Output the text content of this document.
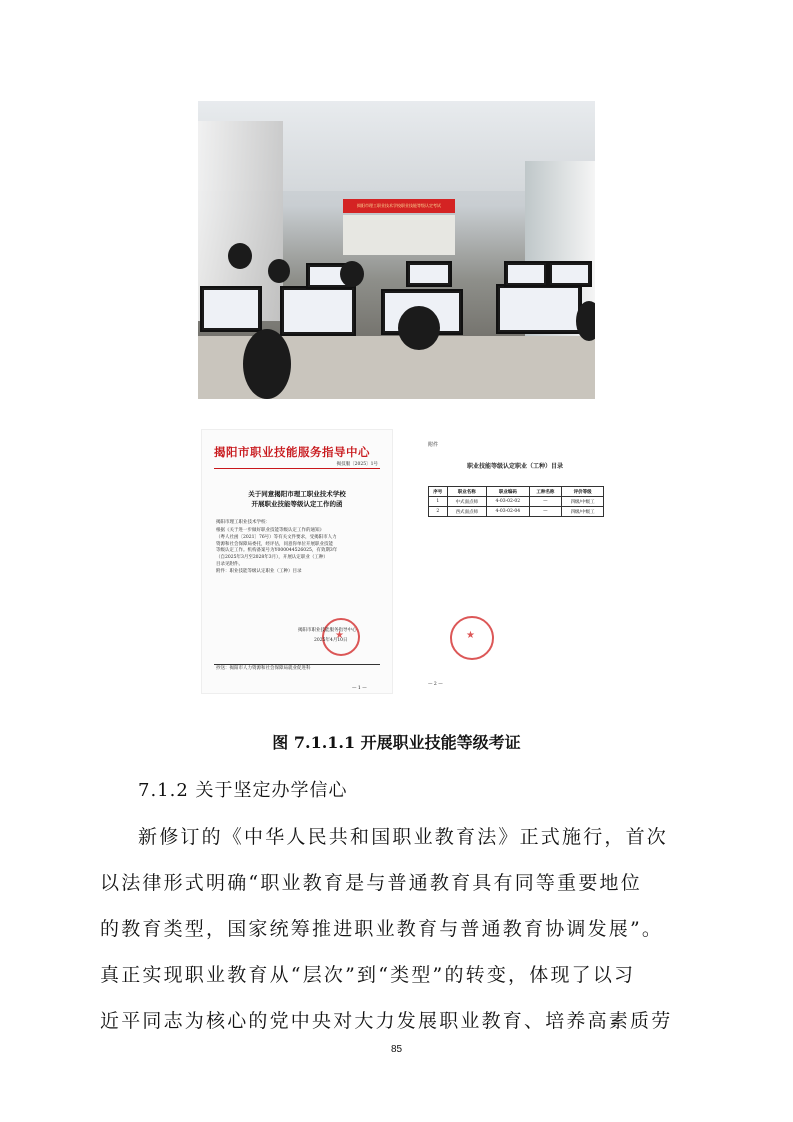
揭阳市理工职业技术学校职业技能等级认定考试
揭阳市职业技能服务指导中心
揭技服〔2025〕1号
关于同意揭阳市理工职业技术学校
开展职业技能等级认定工作的函
揭阳市理工职业技术学校：
根据《关于进一步做好职业技能等级认定工作的通知》
（粤人社函〔2021〕76号）等有关文件要求，受揭阳市人力
资源和社会保障局委托，经评估，同意你单位开展职业技能
等级认定工作。机构备案号为Y000044526025，有效期3年
（自2025年3月至2028年3月），开展认定职业（工种）
目录见附件。
附件：职业技能等级认定职业（工种）目录
★
揭阳市职业技能服务指导中心
2025年4月10日
抄送：揭阳市人力资源和社会保障局就业促进科
— 1 —
附件
职业技能等级认定职业（工种）目录
序号	职业名称	职业编码	工种名称	评价等级
1	中式面点师	4-03-02-02	—	四级/中级工
2	西式面点师	4-03-02-04	—	四级/中级工
★
— 2 —
图 7.1.1.1 开展职业技能等级考证
7.1.2 关于坚定办学信心
新修订的《中华人民共和国职业教育法》正式施行，首次
以法律形式明确“职业教育是与普通教育具有同等重要地位
的教育类型，国家统筹推进职业教育与普通教育协调发展”。
真正实现职业教育从“层次”到“类型”的转变，体现了以习
近平同志为核心的党中央对大力发展职业教育、培养高素质劳
85
